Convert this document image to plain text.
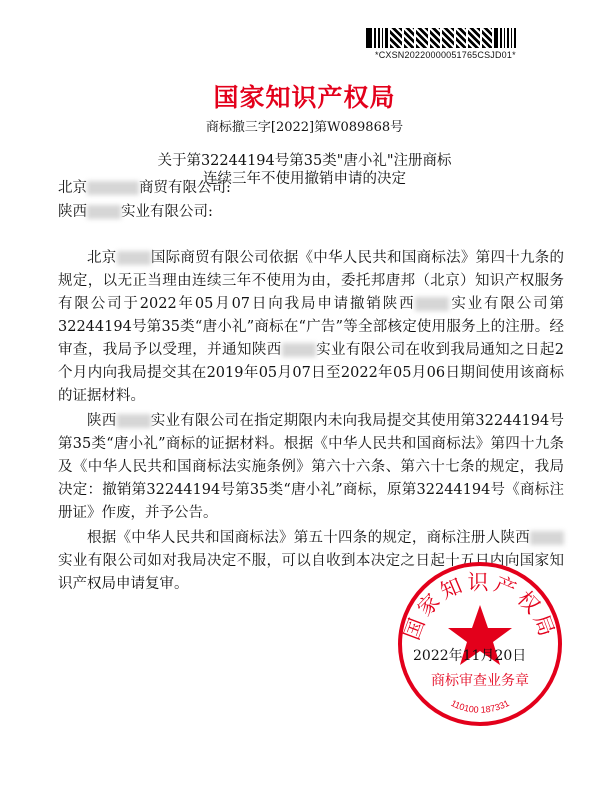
*CXSN20220000051765CSJD01*
国家知识产权局
商标撤三字[2022]第W089868号
关于第32244194号第35类"唐小礼"注册商标
连续三年不使用撤销申请的决定
北京	商贸有限公司:
陕西 实业有限公司:

北京 国际商贸有限公司依据《中华人民共和国商标法》第四十九条的规定，以无正当理由连续三年不使用为由，委托邦唐邦（北京）知识产权服务有限公司于2022年05月07日向我局申请撤销陕西 实业有限公司第32244194号第35类“唐小礼”商标在“广告”等全部核定使用服务上的注册。经审查，我局予以受理，并通知陕西 实业有限公司在收到我局通知之日起2个月内向我局提交其在2019年05月07日至2022年05月06日期间使用该商标的证据材料。

陕西 实业有限公司在指定期限内未向我局提交其使用第32244194号第35类“唐小礼”商标的证据材料。根据《中华人民共和国商标法》第四十九条及《中华人民共和国商标法实施条例》第六十六条、第六十七条的规定，我局决定：撤销第32244194号第35类“唐小礼”商标，原第32244194号《商标注册证》作废，并予公告。

根据《中华人民共和国商标法》第五十四条的规定，商标注册人陕西实业有限公司如对我局决定不服，可以自收到本决定之日起十五日内向国家知识产权局申请复审。

国家知识产权局
商标审查业务章
110100 187331
2022年11月20日
